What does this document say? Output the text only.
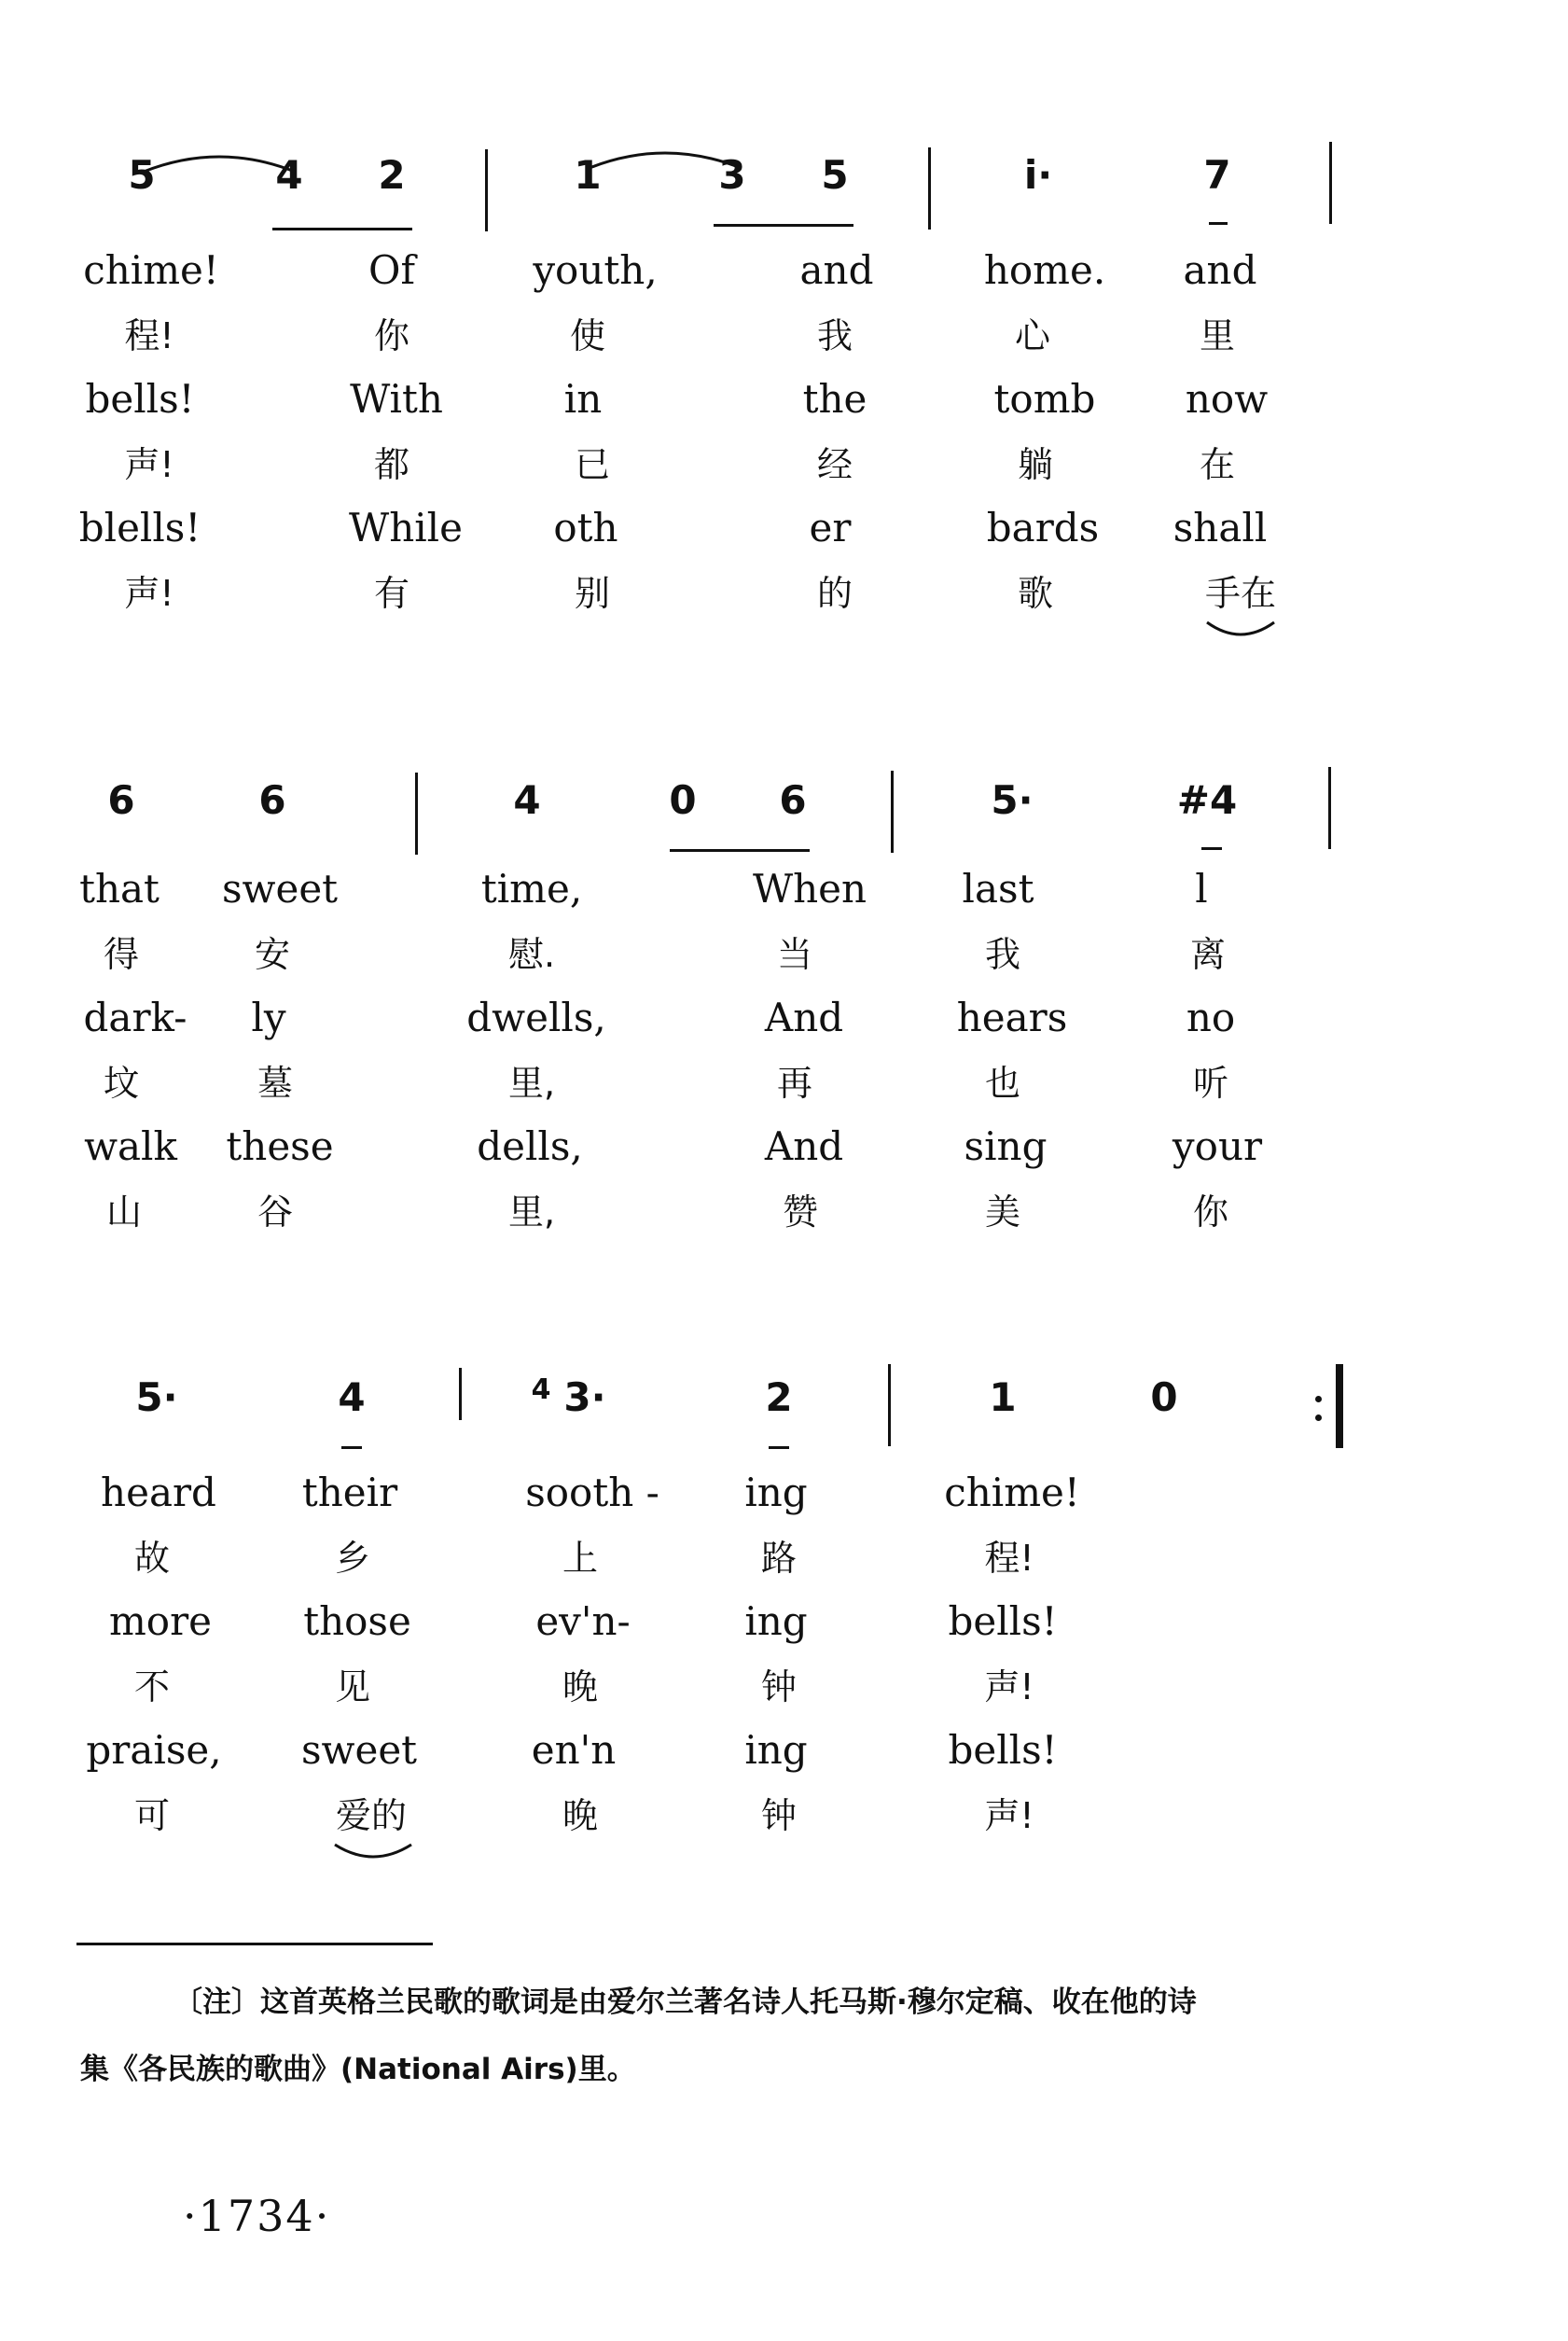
5	4 2	1	3 5	i·	7
chime!	Of	youth,	and	home. and
程!	你	使	我	心	里
bells!	With	in	the	tomb now
声!	都	已	经	躺	在
blells!	While oth	er	bards shall
声!	有	别	的	歌	手在
6	6	4	0 6	5·	#4
that sweet	time,	When last	l
得	安	慰.	当	我	离
dark- ly	dwells,	And	hears	no
坟	墓	里,	再	也	听
walk these	dells,	And	sing	your
山	谷	里,	赞	美	你
5·	4	4 3·	2	1	0
heard their	sooth - ing	chime!
故	乡	上	路	程!
more those	ev'n-	ing	bells!
不	见	晚	钟	声!
praise, sweet	en'n	ing	bells!
可	爱的	晚	钟	声!
〔注〕这首英格兰民歌的歌词是由爱尔兰著名诗人托马斯·穆尔定稿、收在他的诗
集《各民族的歌曲》(National Airs)里。
·1734·
